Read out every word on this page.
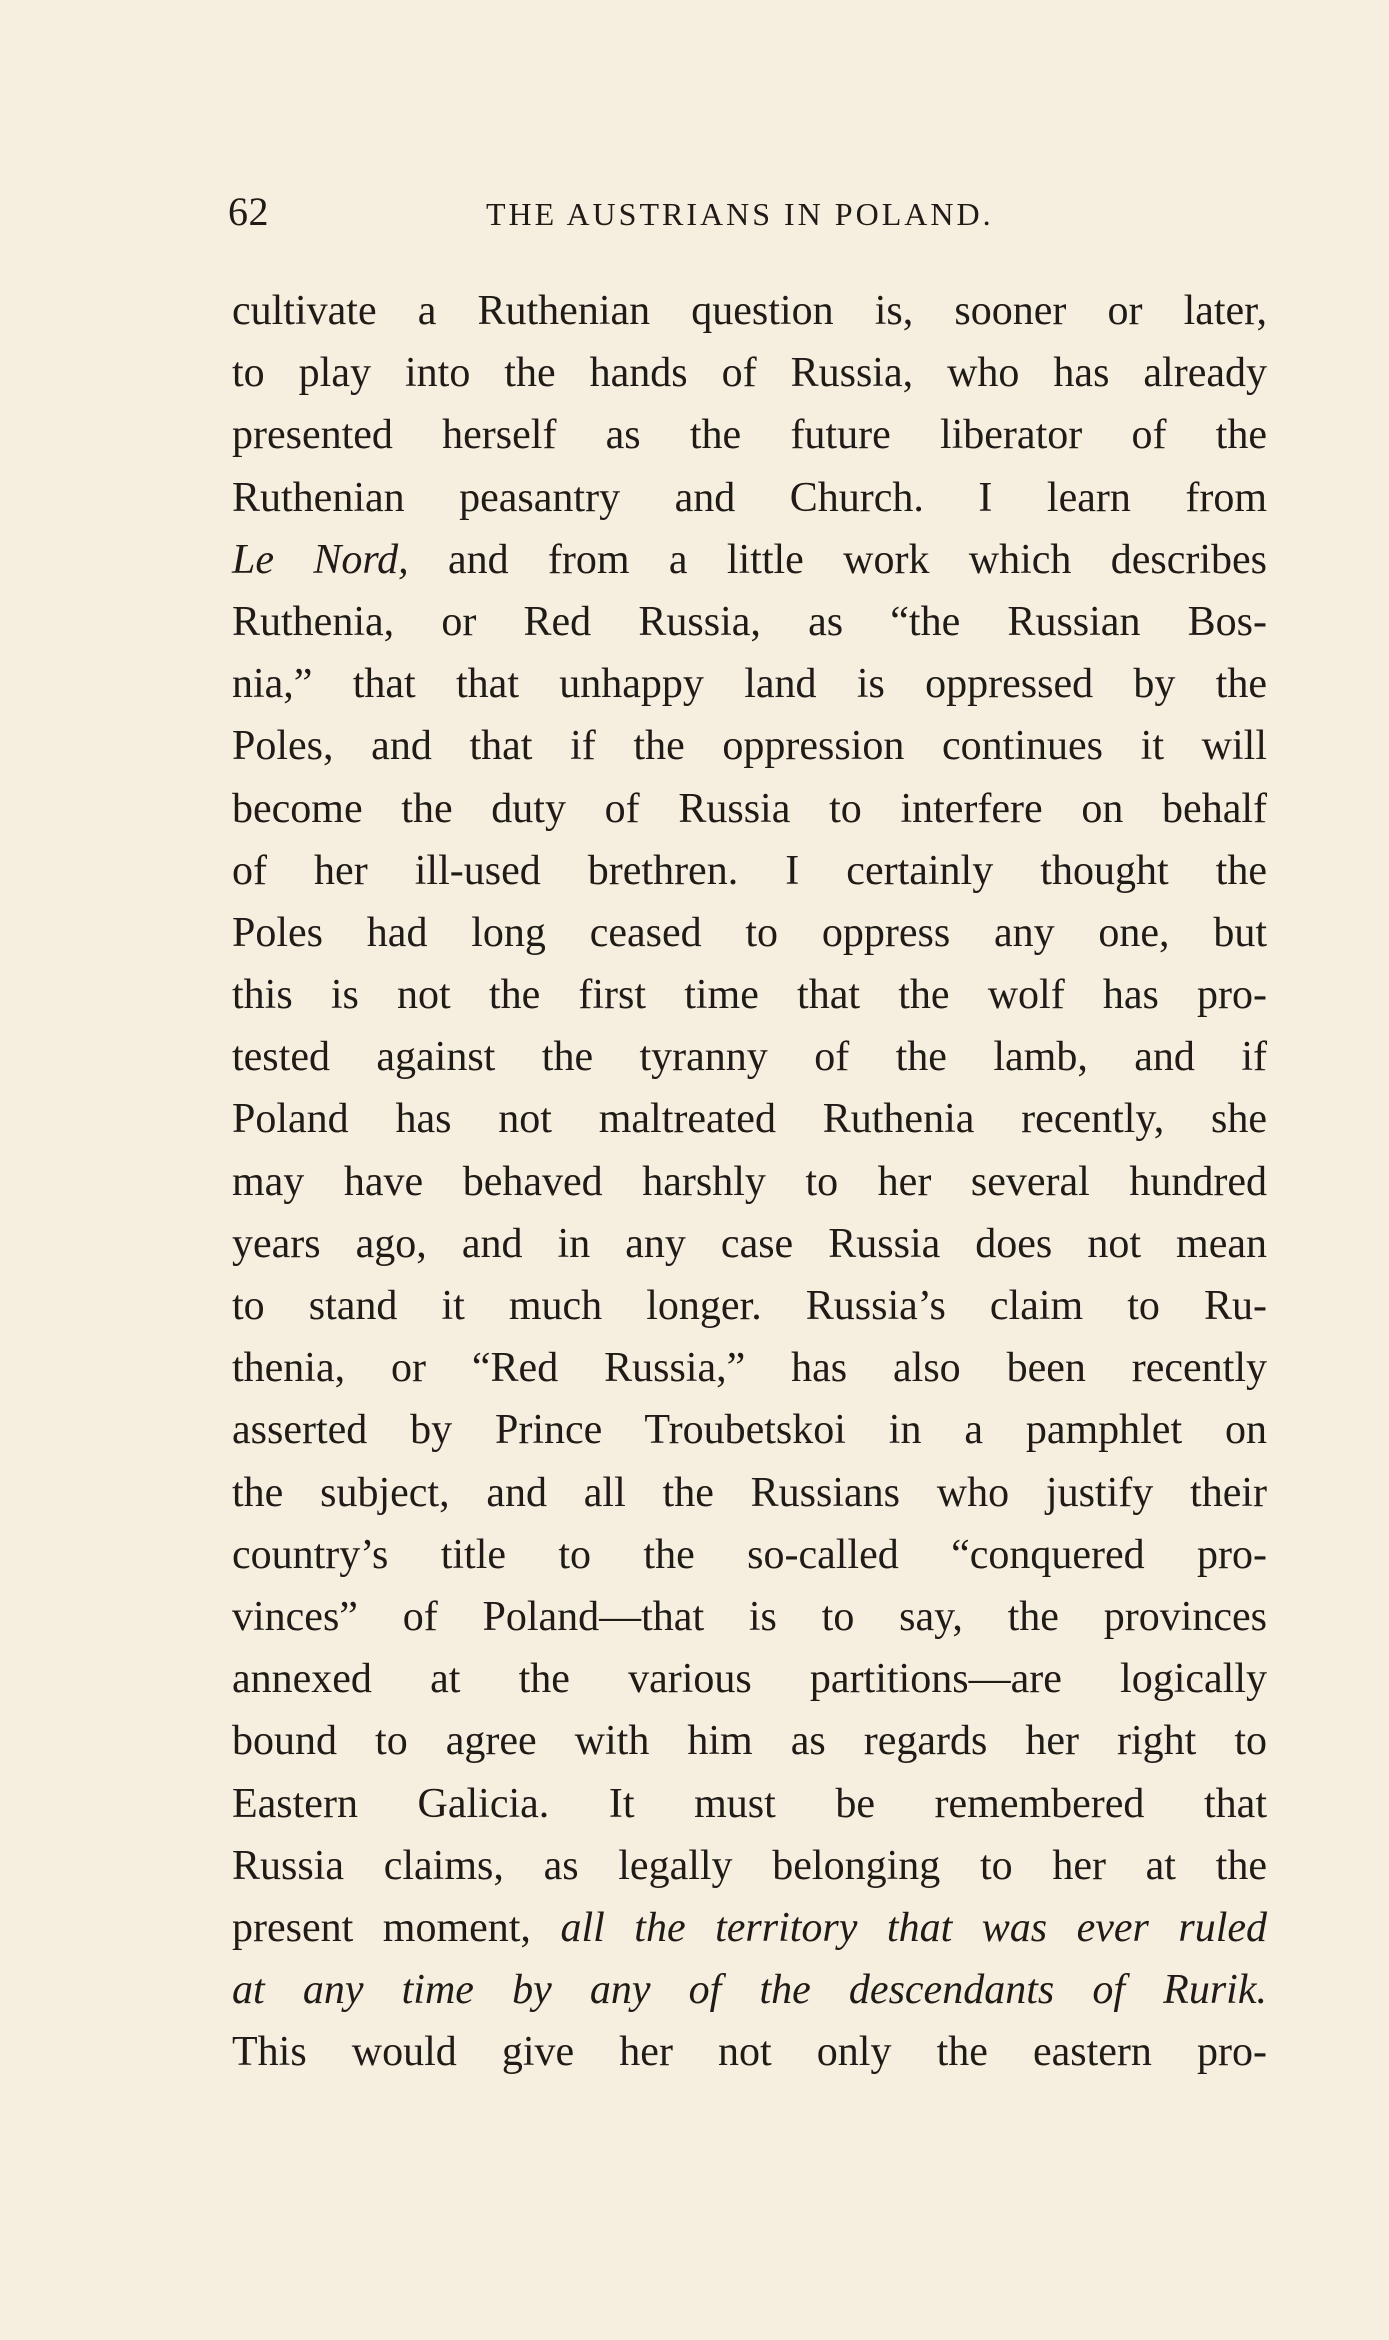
62	THE AUSTRIANS IN POLAND.
cultivate a Ruthenian question is, sooner or later,
to play into the hands of Russia, who has already
presented herself as the future liberator of the
Ruthenian peasantry and Church. I learn from
Le Nord, and from a little work which describes
Ruthenia, or Red Russia, as “the Russian Bos-
nia,” that that unhappy land is oppressed by the
Poles, and that if the oppression continues it will
become the duty of Russia to interfere on behalf
of her ill-used brethren. I certainly thought the
Poles had long ceased to oppress any one, but
this is not the first time that the wolf has pro-
tested against the tyranny of the lamb, and if
Poland has not maltreated Ruthenia recently, she
may have behaved harshly to her several hundred
years ago, and in any case Russia does not mean
to stand it much longer. Russia’s claim to Ru-
thenia, or “Red Russia,” has also been recently
asserted by Prince Troubetskoi in a pamphlet on
the subject, and all the Russians who justify their
country’s title to the so-called “conquered pro-
vinces” of Poland—that is to say, the provinces
annexed at the various partitions—are logically
bound to agree with him as regards her right to
Eastern Galicia. It must be remembered that
Russia claims, as legally belonging to her at the
present moment, all the territory that was ever ruled
at any time by any of the descendants of Rurik.
This would give her not only the eastern pro-
